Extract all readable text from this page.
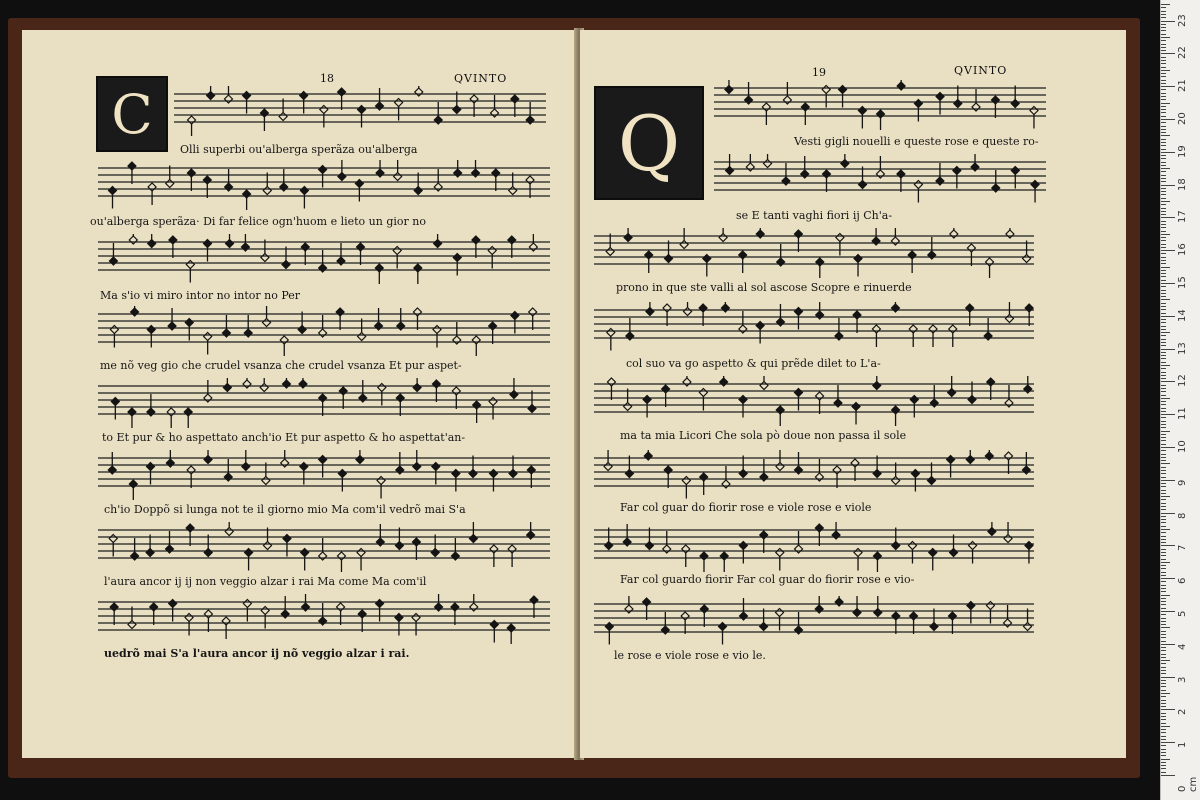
C
18	QVINTO
Olli superbi ou'alberga sperãza ou'alberga
ou'alberga sperãza· Di far felice ogn'huom e lieto un gior no
Ma s'io vi miro intor no intor no Per
me nõ veg gio che crudel vsanza che crudel vsanza Et pur aspet-
to Et pur & ho aspettato anch'io Et pur aspetto & ho aspettat'an-
ch'io Doppõ si lunga not te il giorno mio Ma com'il vedrõ mai S'a
l'aura ancor ij ij non veggio alzar i rai Ma come Ma com'il
uedrõ mai S'a l'aura ancor ij nõ veggio alzar i rai.
Q
19	QVINTO
Vesti gigli nouelli e queste rose e queste ro-
se E tanti vaghi fiori ij Ch'a-
prono in que ste valli al sol ascose Scopre e rinuerde
col suo va go aspetto & qui prẽde dilet to L'a-
ma ta mia Licori Che sola pò doue non passa il sole
Far col guar do fiorir rose e viole rose e viole
Far col guardo fiorir Far col guar do fiorir rose e vio-
le rose e viole rose e vio le.
0 cm
1
2
3
4
5
6
7
8
9
10
11
12
13
14
15
16
17
18
19
20
21
22
23
